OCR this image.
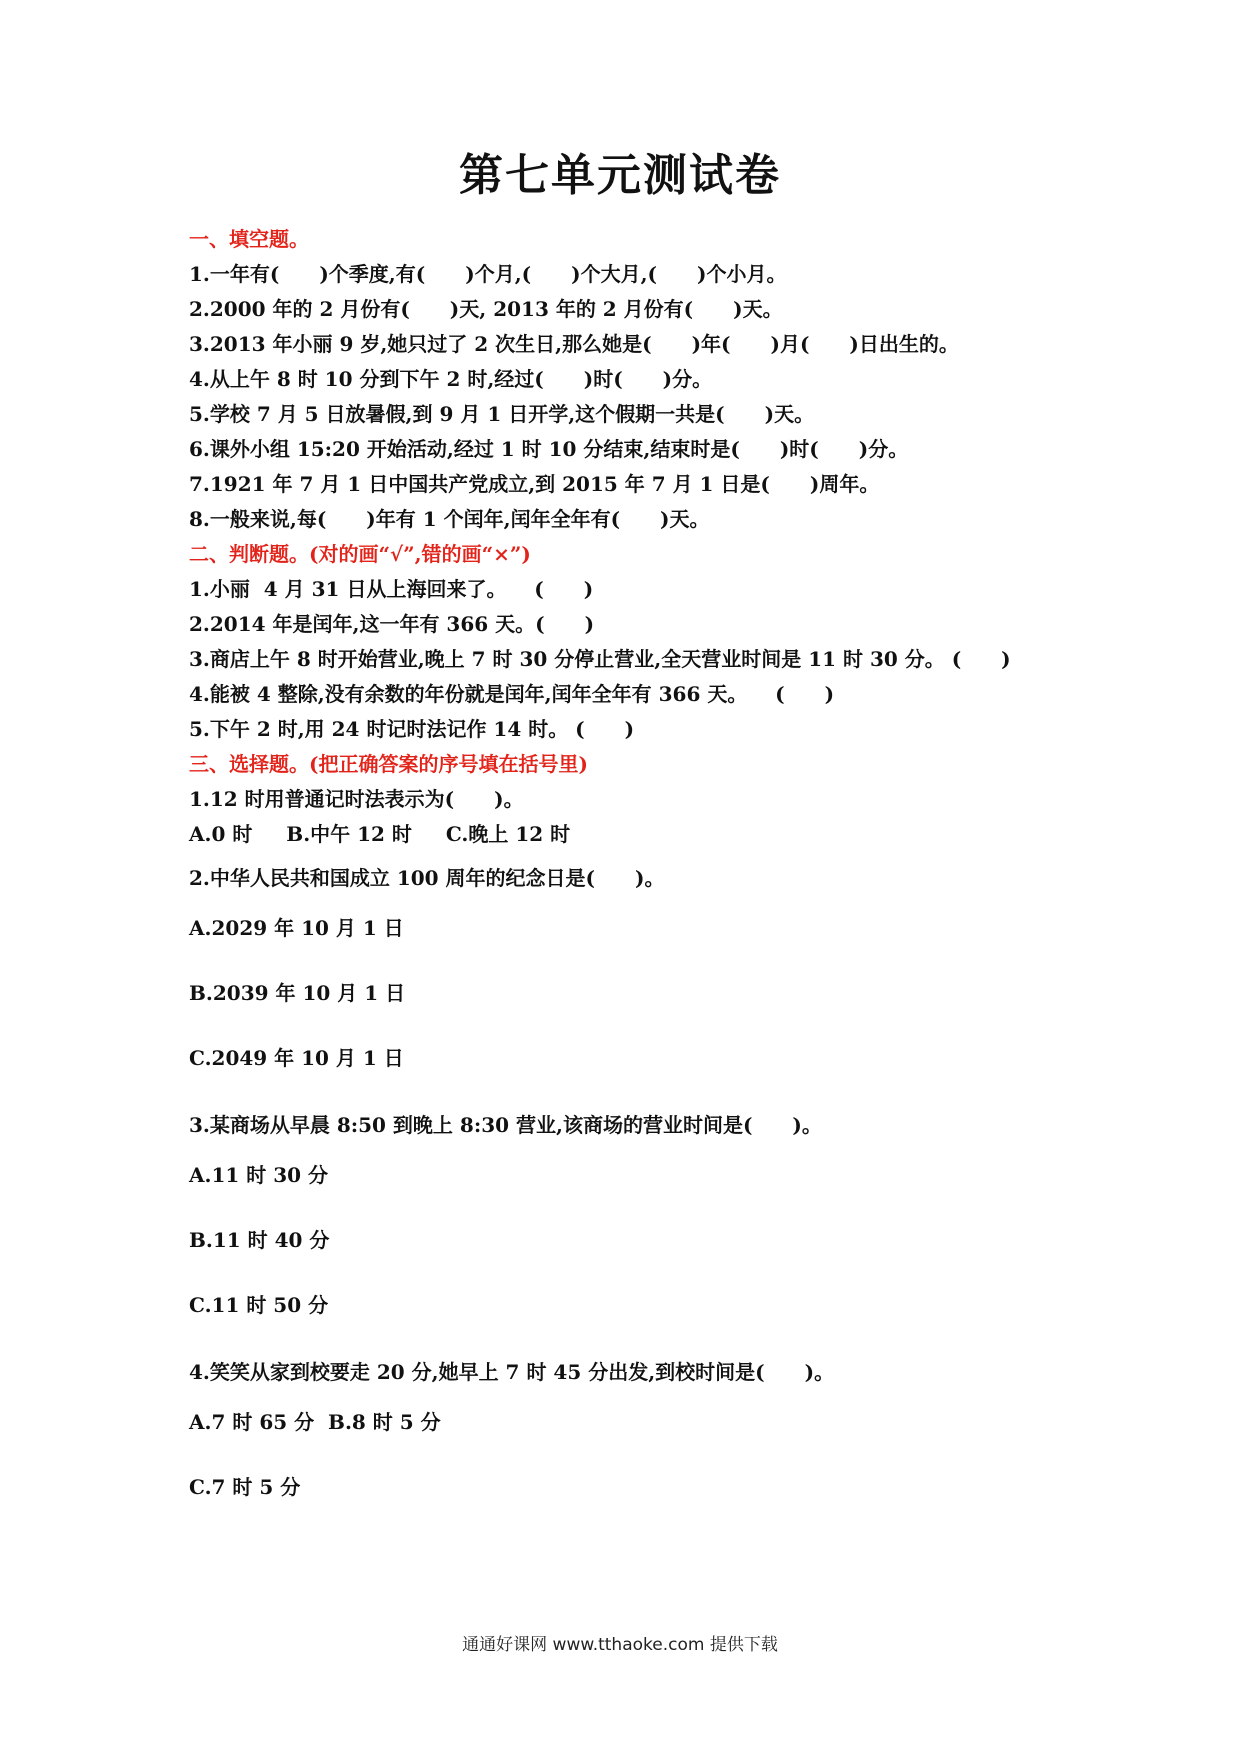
第七单元测试卷
一、填空题。
1.一年有(　　)个季度,有(　　)个月,(　　)个大月,(　　)个小月。
2.2000 年的 2 月份有(　　)天, 2013 年的 2 月份有(　　)天。
3.2013 年小丽 9 岁,她只过了 2 次生日,那么她是(　　)年(　　)月(　　)日出生的。
4.从上午 8 时 10 分到下午 2 时,经过(　　)时(　　)分。
5.学校 7 月 5 日放暑假,到 9 月 1 日开学,这个假期一共是(　　)天。
6.课外小组 15:20 开始活动,经过 1 时 10 分结束,结束时是(　　)时(　　)分。
7.1921 年 7 月 1 日中国共产党成立,到 2015 年 7 月 1 日是(　　)周年。
8.一般来说,每(　　)年有 1 个闰年,闰年全年有(　　)天。
二、判断题。(对的画“√”,错的画“×”)
1.小丽  4 月 31 日从上海回来了。    (　　)
2.2014 年是闰年,这一年有 366 天。(　　)
3.商店上午 8 时开始营业,晚上 7 时 30 分停止营业,全天营业时间是 11 时 30 分。 (　　)
4.能被 4 整除,没有余数的年份就是闰年,闰年全年有 366 天。    (　　)
5.下午 2 时,用 24 时记时法记作 14 时。 (　　)
三、选择题。(把正确答案的序号填在括号里)
1.12 时用普通记时法表示为(　　)。
A.0 时　  B.中午 12 时　  C.晚上 12 时
2.中华人民共和国成立 100 周年的纪念日是(　　)。
A.2029 年 10 月 1 日
B.2039 年 10 月 1 日
C.2049 年 10 月 1 日
3.某商场从早晨 8:50 到晚上 8:30 营业,该商场的营业时间是(　　)。
A.11 时 30 分
B.11 时 40 分
C.11 时 50 分
4.笑笑从家到校要走 20 分,她早上 7 时 45 分出发,到校时间是(　　)。
A.7 时 65 分  B.8 时 5 分
C.7 时 5 分
通通好课网 www.tthaoke.com 提供下载
